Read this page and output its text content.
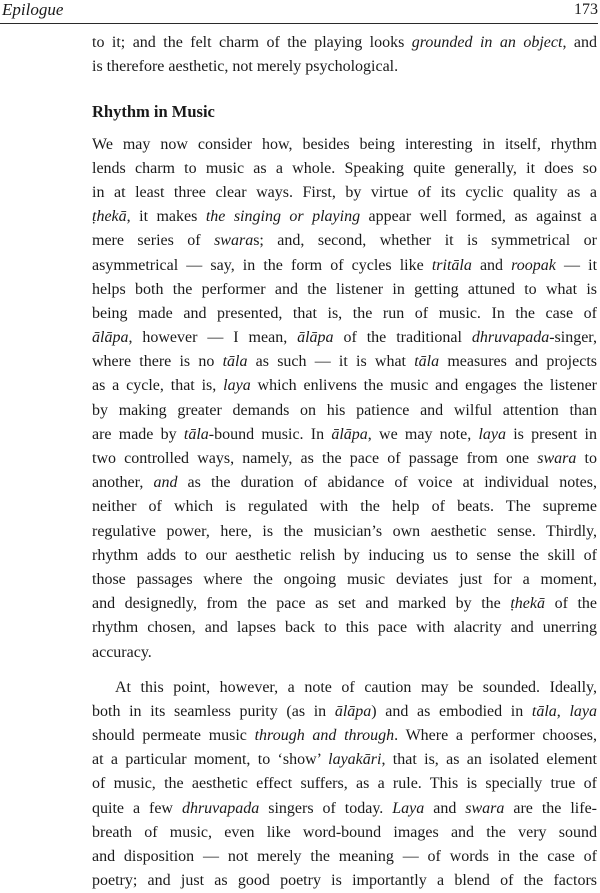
Epilogue	173
to it; and the felt charm of the playing looks grounded in an object, and
is therefore aesthetic, not merely psychological.
Rhythm in Music
We may now consider how, besides being interesting in itself, rhythm
lends charm to music as a whole. Speaking quite generally, it does so
in at least three clear ways. First, by virtue of its cyclic quality as a
ṭhekā, it makes the singing or playing appear well formed, as against a
mere series of swaras; and, second, whether it is symmetrical or
asymmetrical — say, in the form of cycles like tritāla and roopak — it
helps both the performer and the listener in getting attuned to what is
being made and presented, that is, the run of music. In the case of
ālāpa, however — I mean, ālāpa of the traditional dhruvapada-singer,
where there is no tāla as such — it is what tāla measures and projects
as a cycle, that is, laya which enlivens the music and engages the listener
by making greater demands on his patience and wilful attention than
are made by tāla-bound music. In ālāpa, we may note, laya is present in
two controlled ways, namely, as the pace of passage from one swara to
another, and as the duration of abidance of voice at individual notes,
neither of which is regulated with the help of beats. The supreme
regulative power, here, is the musician’s own aesthetic sense. Thirdly,
rhythm adds to our aesthetic relish by inducing us to sense the skill of
those passages where the ongoing music deviates just for a moment,
and designedly, from the pace as set and marked by the ṭhekā of the
rhythm chosen, and lapses back to this pace with alacrity and unerring
accuracy.
At this point, however, a note of caution may be sounded. Ideally,
both in its seamless purity (as in ālāpa) and as embodied in tāla, laya
should permeate music through and through. Where a performer chooses,
at a particular moment, to ‘show’ layakāri, that is, as an isolated element
of music, the aesthetic effect suffers, as a rule. This is specially true of
quite a few dhruvapada singers of today. Laya and swara are the life-
breath of music, even like word-bound images and the very sound
and disposition — not merely the meaning — of words in the case of
poetry; and just as good poetry is importantly a blend of the factors
